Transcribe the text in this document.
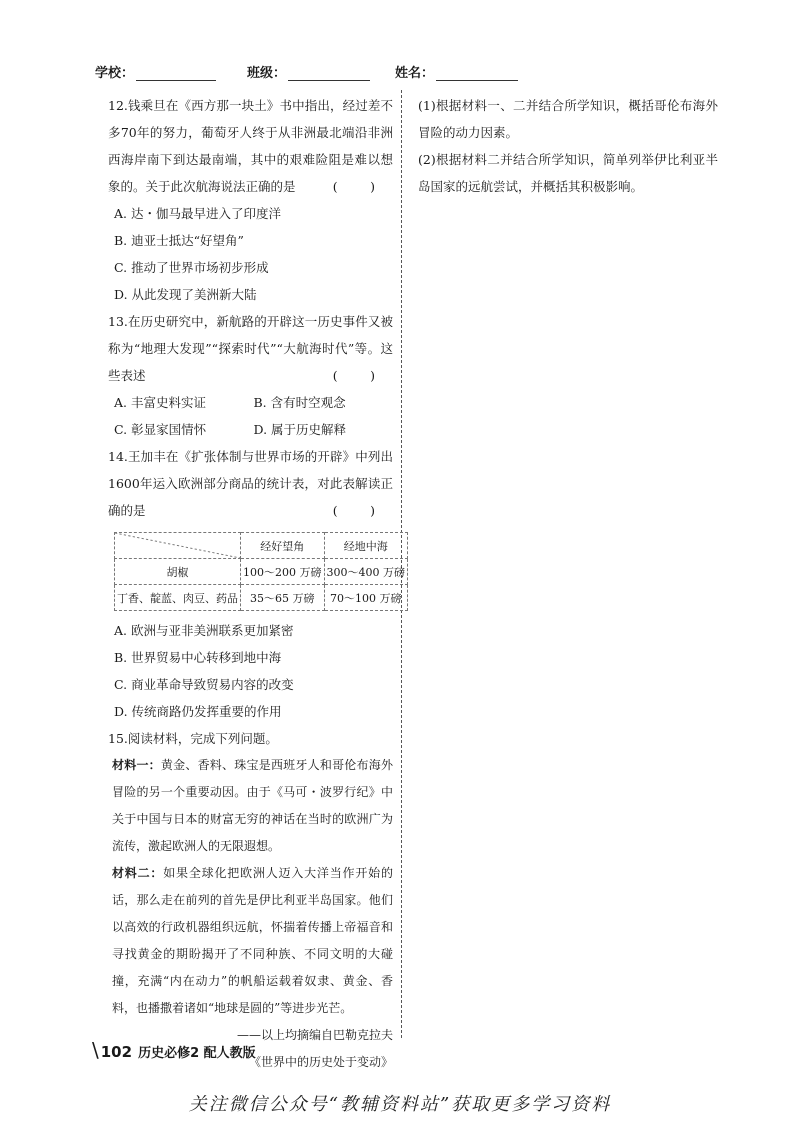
学校：	班级：	姓名：
12.钱乘旦在《西方那一块土》书中指出，经过差不多70年的努力，葡萄牙人终于从非洲最北端沿非洲西海岸南下到达最南端，其中的艰难险阻是难以想象的。关于此次航海说法正确的是	(　)
A. 达・伽马最早进入了印度洋
B. 迪亚士抵达“好望角”
C. 推动了世界市场初步形成
D. 从此发现了美洲新大陆
13.在历史研究中，新航路的开辟这一历史事件又被称为“地理大发现”“探索时代”“大航海时代”等。这些表述	(　)
A. 丰富史料实证	B. 含有时空观念
C. 彰显家国情怀	D. 属于历史解释
14.王加丰在《扩张体制与世界市场的开辟》中列出1600年运入欧洲部分商品的统计表，对此表解读正确的是	(　)
	经好望角	经地中海
胡椒	100～200 万磅	300～400 万磅
丁香、靛蓝、肉豆、药品	35～65 万磅	70～100 万磅
A. 欧洲与亚非美洲联系更加紧密
B. 世界贸易中心转移到地中海
C. 商业革命导致贸易内容的改变
D. 传统商路仍发挥重要的作用
15.阅读材料，完成下列问题。
材料一：黄金、香料、珠宝是西班牙人和哥伦布海外冒险的另一个重要动因。由于《马可・波罗行纪》中关于中国与日本的财富无穷的神话在当时的欧洲广为流传，激起欧洲人的无限遐想。
材料二：如果全球化把欧洲人迈入大洋当作开始的话，那么走在前列的首先是伊比利亚半岛国家。他们以高效的行政机器组织远航，怀揣着传播上帝福音和寻找黄金的期盼揭开了不同种族、不同文明的大碰撞，充满“内在动力”的帆船运载着奴隶、黄金、香料，也播撒着诸如“地球是圆的”等进步光芒。
——以上均摘编自巴勒克拉夫
《世界中的历史处于变动》
(1)根据材料一、二并结合所学知识，概括哥伦布海外冒险的动力因素。
(2)根据材料二并结合所学知识，简单列举伊比利亚半岛国家的远航尝试，并概括其积极影响。
\ 102 历史必修2 配人教版
关注微信公众号“教辅资料站”获取更多学习资料
